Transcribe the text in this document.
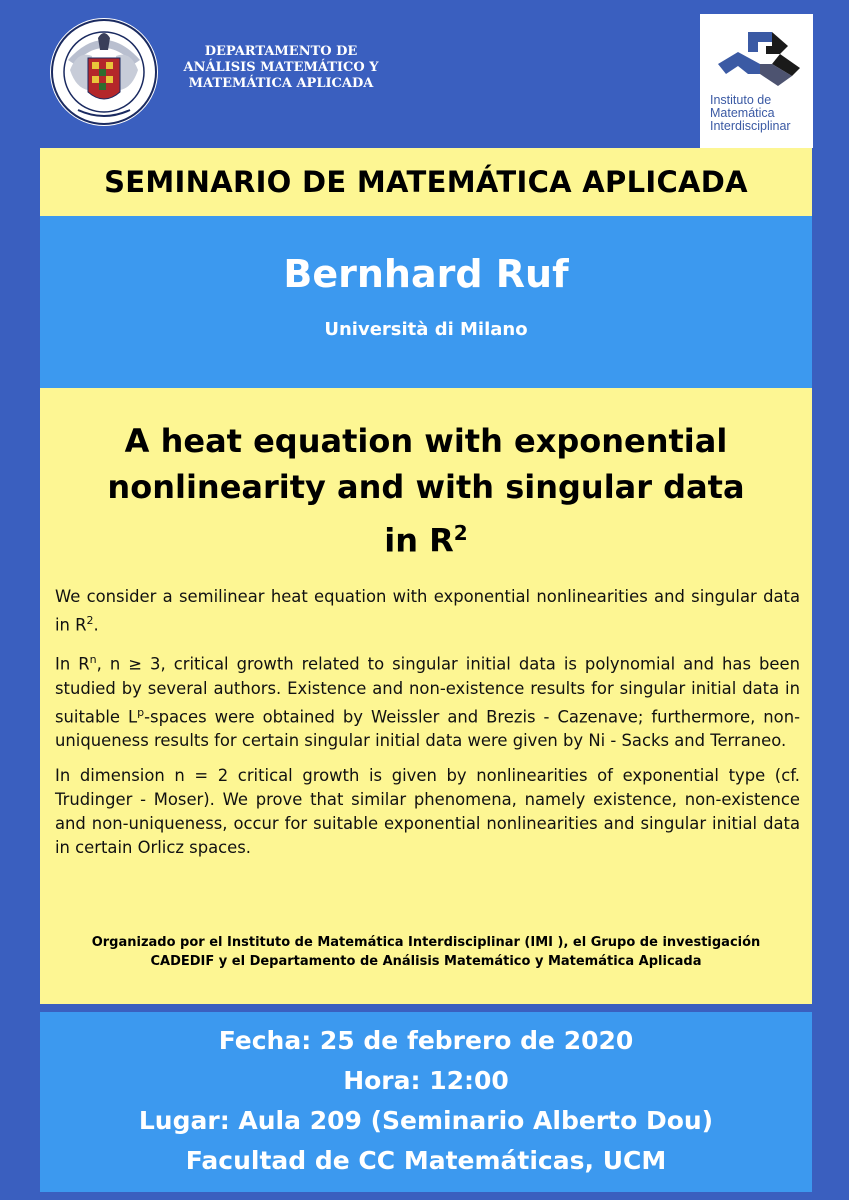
DEPARTAMENTO DE
ANÁLISIS MATEMÁTICO Y
MATEMÁTICA APLICADA
Instituto de
Matemática
Interdisciplinar
SEMINARIO DE MATEMÁTICA APLICADA
Bernhard Ruf
Università di Milano
A heat equation with exponential
nonlinearity and with singular data
in $R^2$

We consider a semilinear heat equation with exponential nonlinearities and singular data in $R^2$.

In $R^n$, n ≥ 3, critical growth related to singular initial data is polynomial and has been studied by several authors. Existence and non-existence results for singular initial data in suitable $L^p$-spaces were obtained by Weissler and Brezis - Cazenave; furthermore, non-uniqueness results for certain singular initial data were given by Ni - Sacks and Terraneo.

In dimension n = 2 critical growth is given by nonlinearities of exponential type (cf. Trudinger - Moser). We prove that similar phenomena, namely existence, non-existence and non-uniqueness, occur for suitable exponential nonlinearities and singular initial data in certain Orlicz spaces.

Organizado por el Instituto de Matemática Interdisciplinar (IMI ), el Grupo de investigación CADEDIF y el Departamento de Análisis Matemático y Matemática Aplicada
Fecha: 25 de febrero de 2020
Hora: 12:00
Lugar: Aula 209 (Seminario Alberto Dou)
Facultad de CC Matemáticas, UCM
